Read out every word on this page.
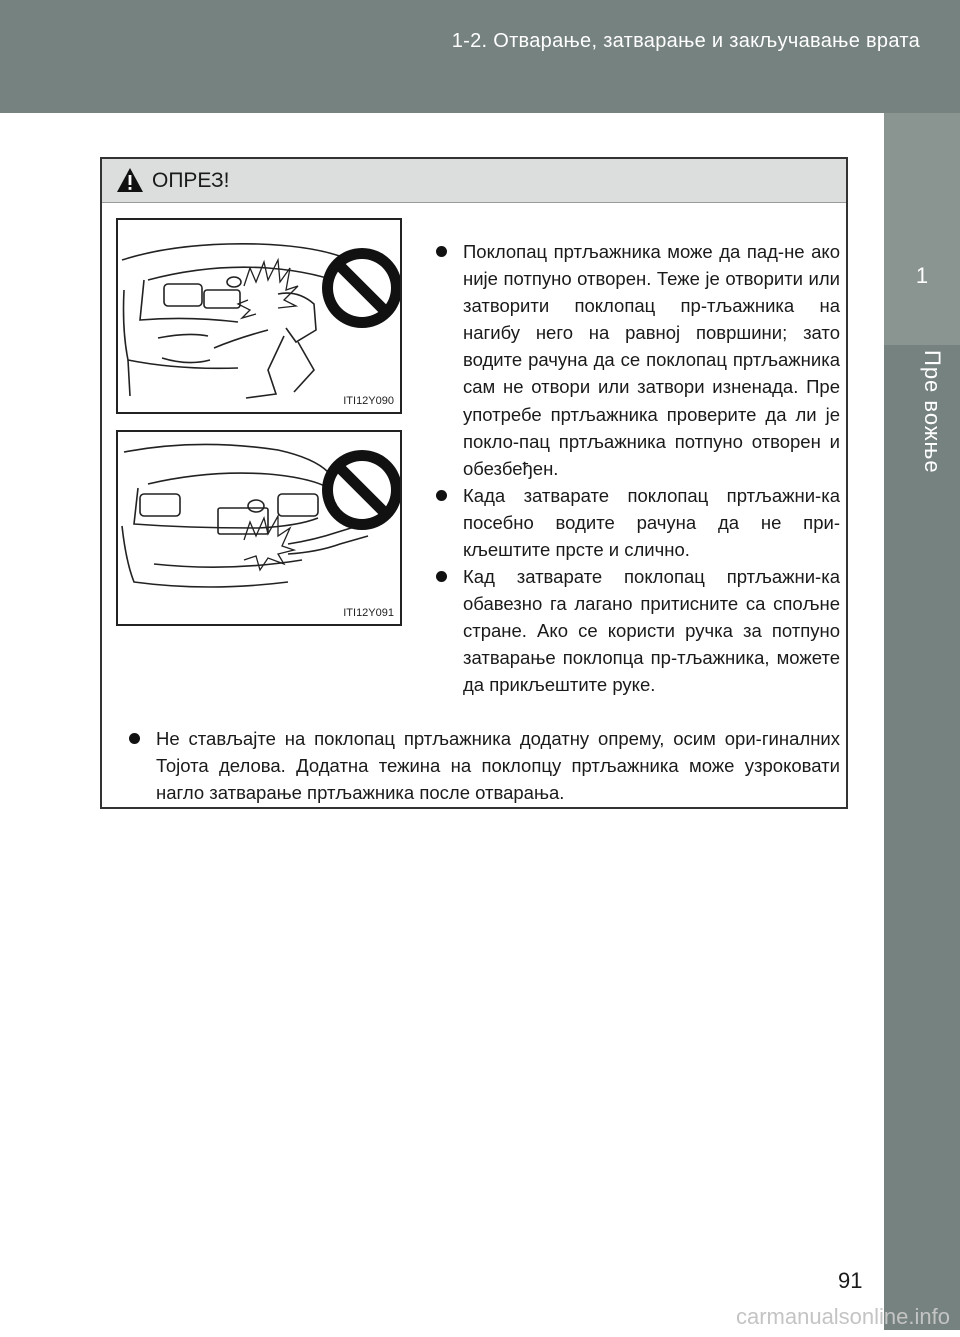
1-2. Отварање, затварање и закључавање врата
1
Пре вожње
ОПРЕЗ!
ITI12Y090
ITI12Y091
Поклопац пртљажника може да пад-не ако није потпуно отворен. Теже је отворити или затворити поклопац пр-тљажника на нагибу него на равној површини; зато водите рачуна да се поклопац пртљажника сам не отвори или затвори изненада. Пре употребе пртљажника проверите да ли је покло-пац пртљажника потпуно отворен и обезбеђен.
Када затварате поклопац пртљажни-ка посебно водите рачуна да не при-кљештите прсте и слично.
Кад затварате поклопац пртљажни-ка обавезно га лагано притисните са спољне стране. Ако се користи ручка за потпуно затварање поклопца пр-тљажника, можете да прикљештите руке.
Не стављајте на поклопац пртљажника додатну опрему, осим ори-гиналних Тојота делова. Додатна тежина на поклопцу пртљажника може узроковати нагло затварање пртљажника после отварања.
91
carmanualsonline.info
